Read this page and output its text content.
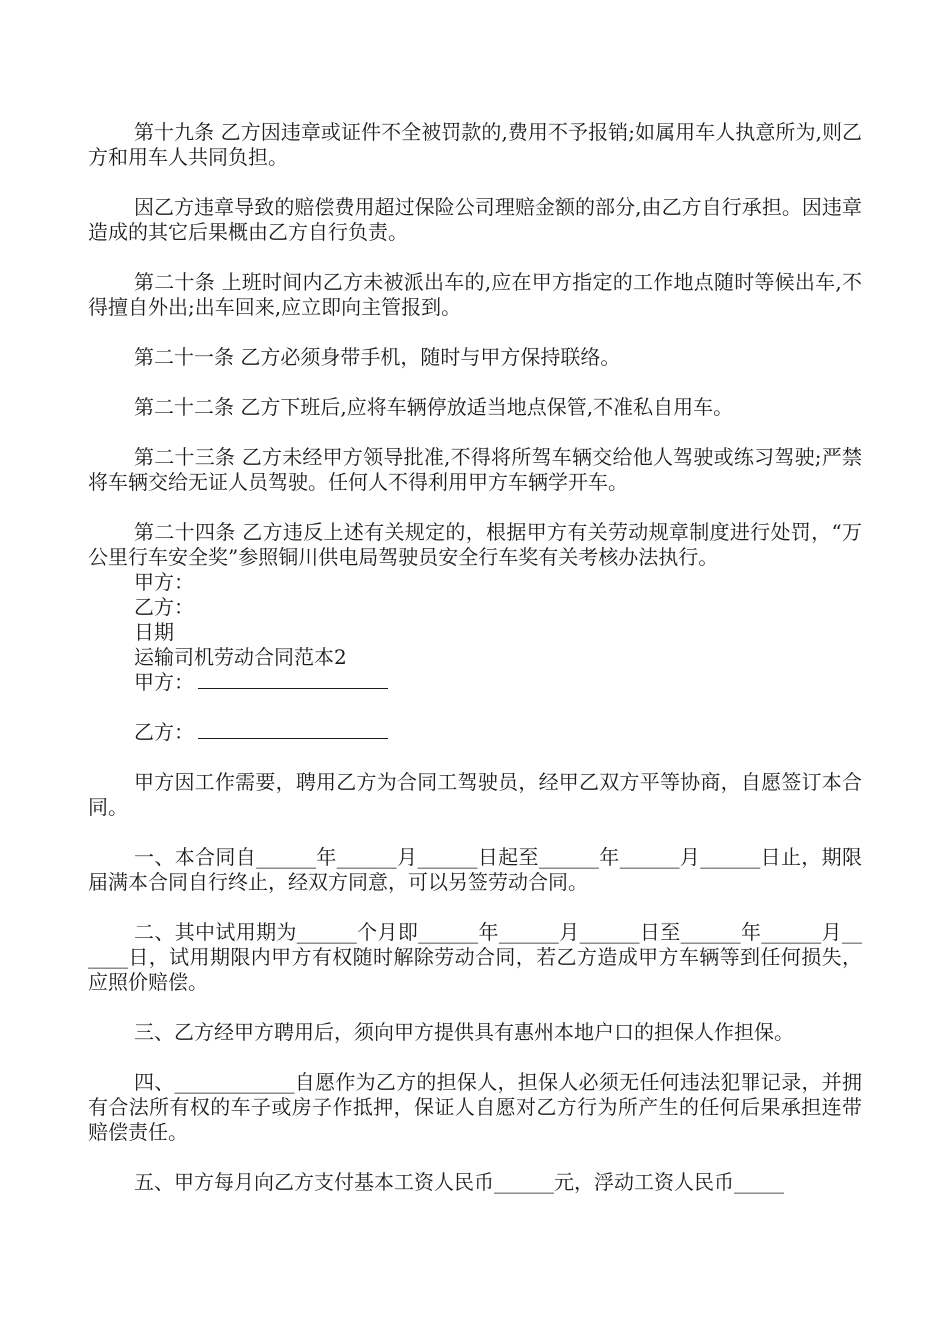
第十九条 乙方因违章或证件不全被罚款的,费用不予报销;如属用车人执意所为,则乙方和用车人共同负担。

因乙方违章导致的赔偿费用超过保险公司理赔金额的部分,由乙方自行承担。因违章造成的其它后果概由乙方自行负责。

第二十条 上班时间内乙方未被派出车的,应在甲方指定的工作地点随时等候出车,不得擅自外出;出车回来,应立即向主管报到。

第二十一条 乙方必须身带手机，随时与甲方保持联络。

第二十二条 乙方下班后,应将车辆停放适当地点保管,不准私自用车。

第二十三条 乙方未经甲方领导批准,不得将所驾车辆交给他人驾驶或练习驾驶;严禁将车辆交给无证人员驾驶。任何人不得利用甲方车辆学开车。

第二十四条 乙方违反上述有关规定的，根据甲方有关劳动规章制度进行处罚，“万公里行车安全奖”参照铜川供电局驾驶员安全行车奖有关考核办法执行。

甲方：

乙方：

日期

运输司机劳动合同范本2

甲方：

乙方：

甲方因工作需要，聘用乙方为合同工驾驶员，经甲乙双方平等协商，自愿签订本合同。

一、本合同自______年______月______日起至______年______月______日止，期限届满本合同自行终止，经双方同意，可以另签劳动合同。

二、其中试用期为______个月即______年______月______日至______年______月______日，试用期限内甲方有权随时解除劳动合同，若乙方造成甲方车辆等到任何损失，应照价赔偿。

三、乙方经甲方聘用后，须向甲方提供具有惠州本地户口的担保人作担保。

四、____________自愿作为乙方的担保人，担保人必须无任何违法犯罪记录，并拥有合法所有权的车子或房子作抵押，保证人自愿对乙方行为所产生的任何后果承担连带赔偿责任。

五、甲方每月向乙方支付基本工资人民币______元，浮动工资人民币_____
